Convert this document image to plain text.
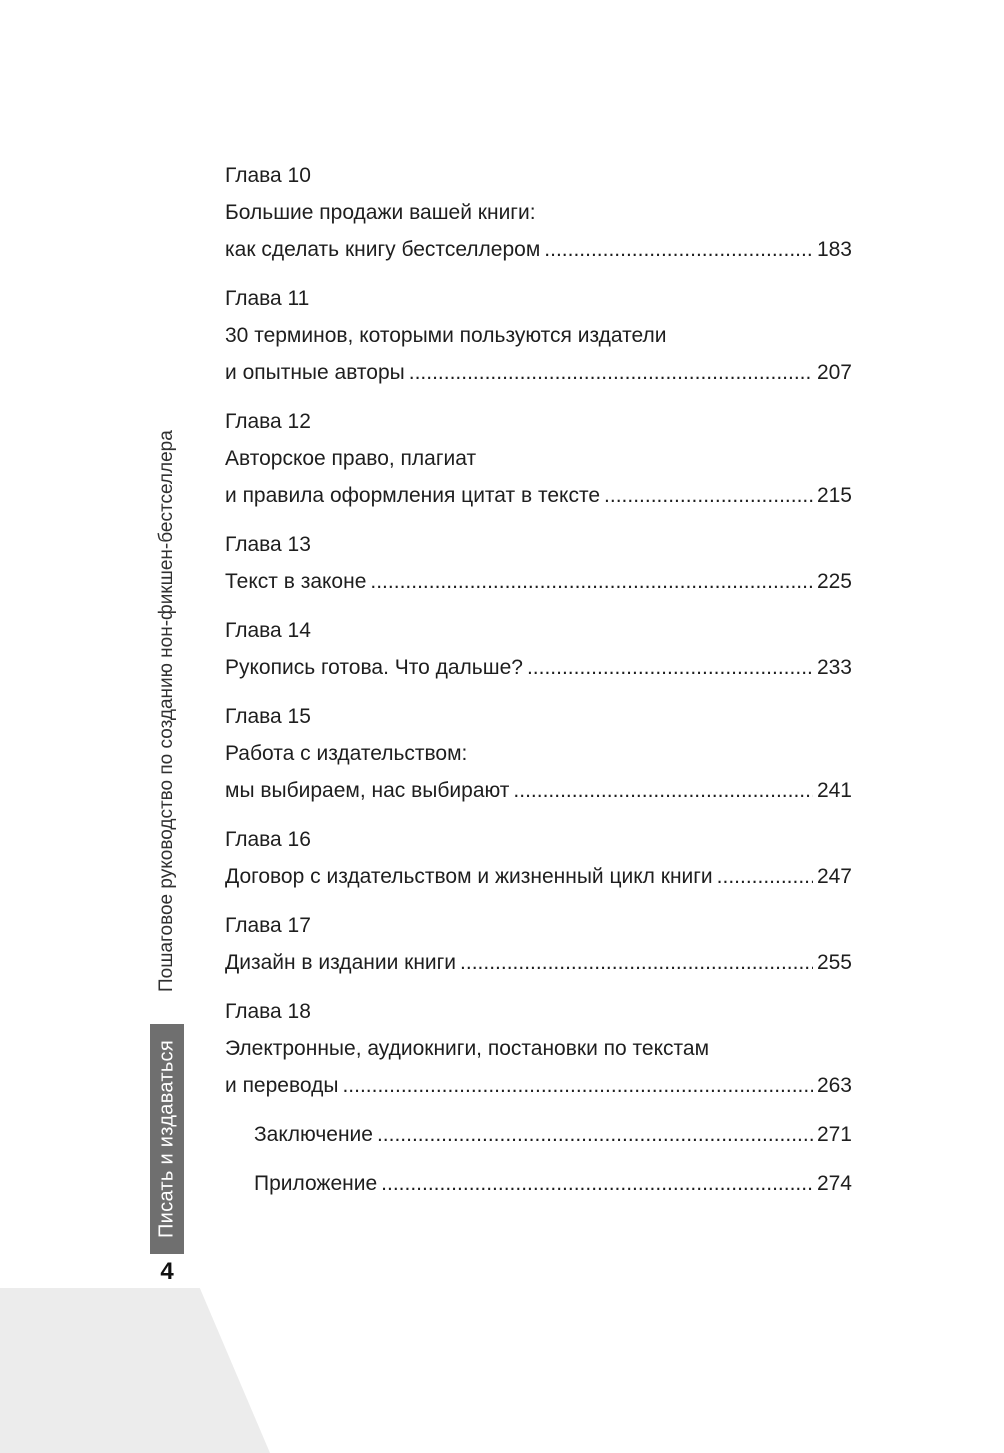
Пошаговое руководство по созданию нон-фикшен-бестселлера
Писать и издаваться
4
Глава 10
Большие продажи вашей книги:
как сделать книгу бестселлером .....	183
Глава 11
30 терминов, которыми пользуются издатели
и опытные авторы .....	207
Глава 12
Авторское право, плагиат
и правила оформления цитат в тексте .....	215
Глава 13
Текст в законе .....	225
Глава 14
Рукопись готова. Что дальше? .....	233
Глава 15
Работа с издательством:
мы выбираем, нас выбирают .....	241
Глава 16
Договор с издательством и жизненный цикл книги .....	247
Глава 17
Дизайн в издании книги .....	255
Глава 18
Электронные, аудиокниги, постановки по текстам
и переводы .....	263
Заключение .....	271
Приложение .....	274
